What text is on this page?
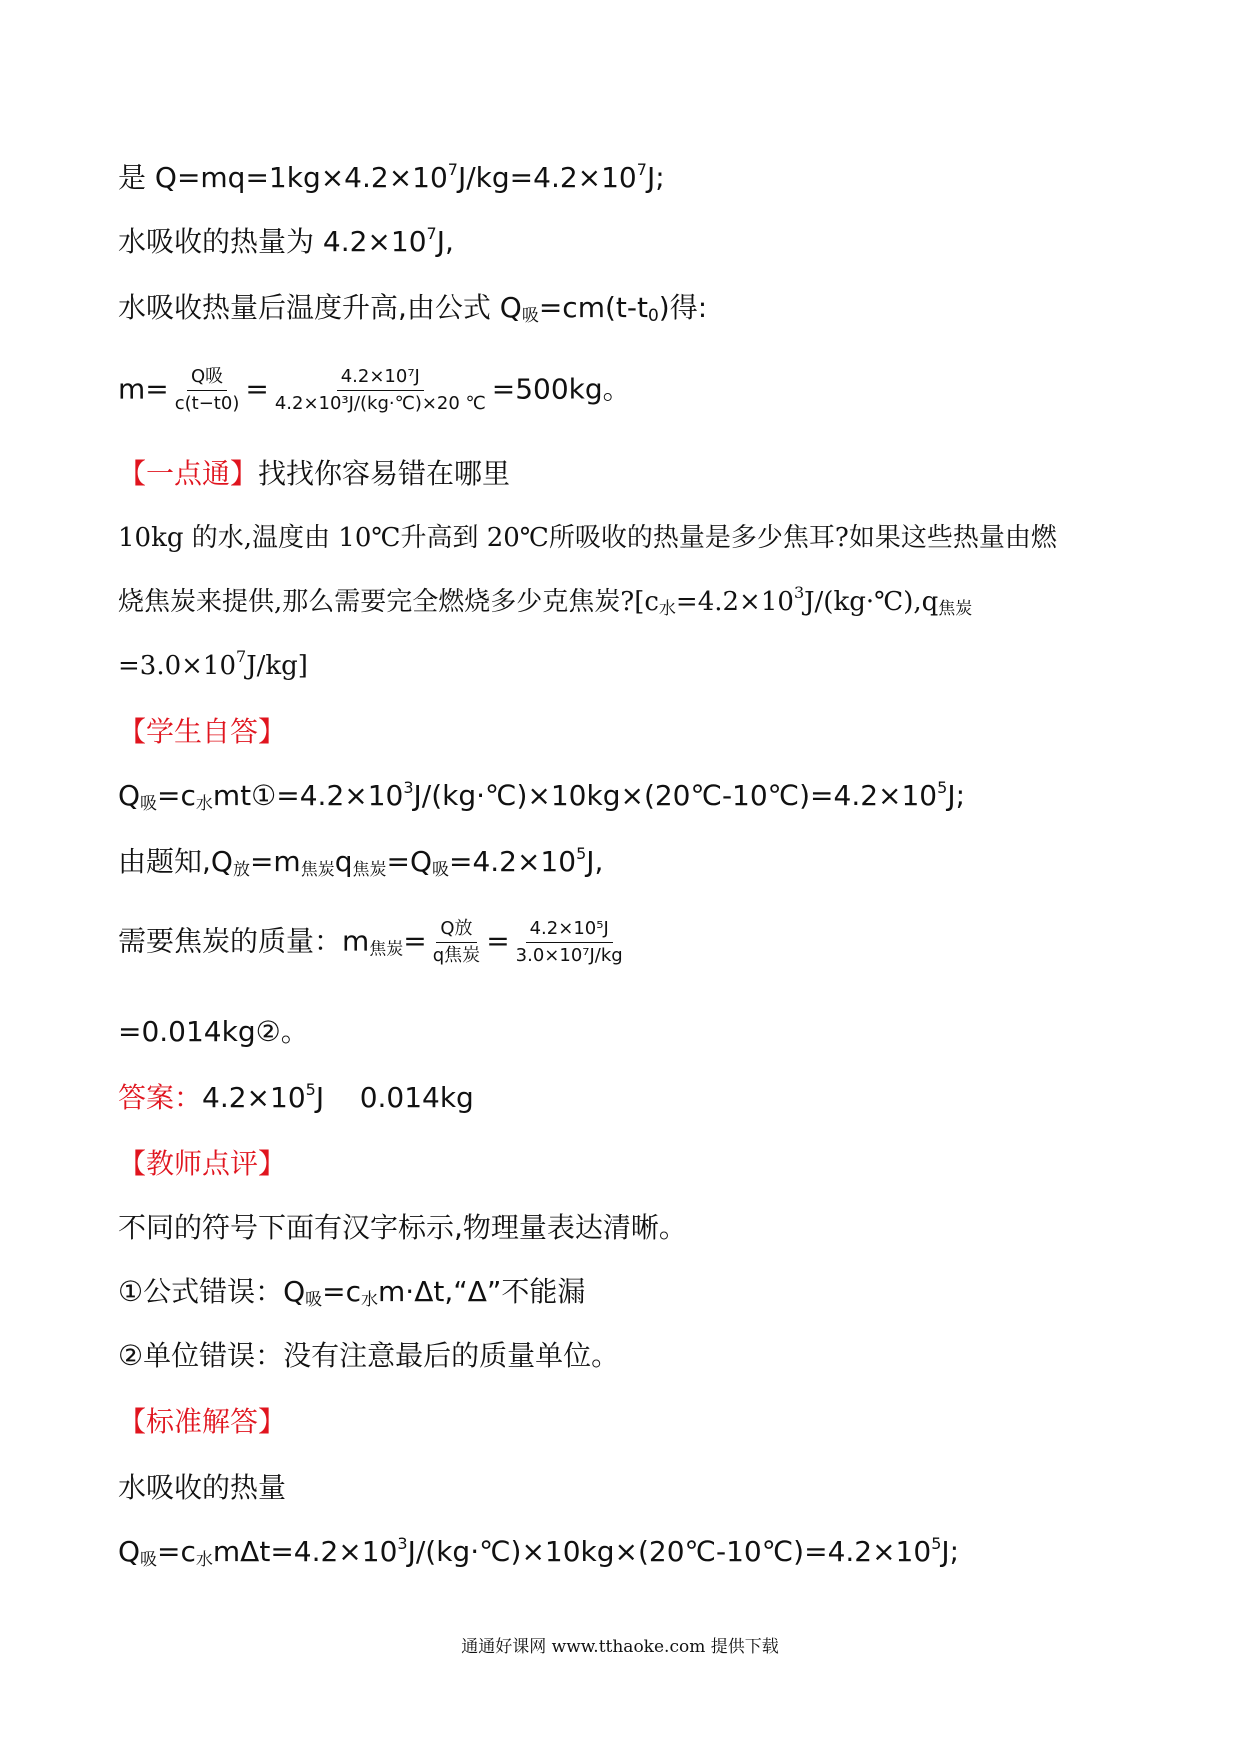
是 $Q=mq=1kg\times 4.2\times 10^7J/kg=4.2\times 10^7J$;
水吸收的热量为 $4.2\times 10^7J$,
水吸收热量后温度升高,由公式 $Q_吸=cm(t-t_0)$得:
$m= \frac{\text{Q吸}}{c(t-t0)} = \frac{\text{4.2×10⁷J}}{\text{4.2×10³J/(kg·℃)×20 ℃}} =500kg$。
【一点通】找找你容易错在哪里
10kg 的水,温度由 10℃升高到 20℃所吸收的热量是多少焦耳?如果这些热量由燃
烧焦炭来提供,那么需要完全燃烧多少克焦炭$?[c_水=4.2\times 10^3J/(kg\cdot℃),q_{焦炭}$
$=3.0\times 10^7J/kg$]
【学生自答】
$Q_吸=c_水mt①=4.2\times 10^3J/(kg\cdot℃)\times 10kg\times(20℃-10℃)=4.2\times 10^5J$;
由题知$,Q_放=m_{焦炭}q_{焦炭}=Q_吸=4.2\times 10^5J$,
需要焦炭的质量：$m_{焦炭}= \frac{\text{Q放}}{\text{q焦炭}} = \frac{\text{4.2×10⁵J}}{\text{3.0×10⁷J/kg}}$
=0.014kg②。
答案：$4.2\times 10^5J$    0.014kg
【教师点评】
不同的符号下面有汉字标示,物理量表达清晰。
①公式错误：$Q_吸=c_水m\cdot\Delta t,“\Delta$”不能漏
②单位错误：没有注意最后的质量单位。
【标准解答】
水吸收的热量
$Q_吸=c_水m\Delta t=4.2\times 10^3J/(kg\cdot℃)\times 10kg\times(20℃-10℃)=4.2\times 10^5J$;
通通好课网 www.tthaoke.com 提供下载
